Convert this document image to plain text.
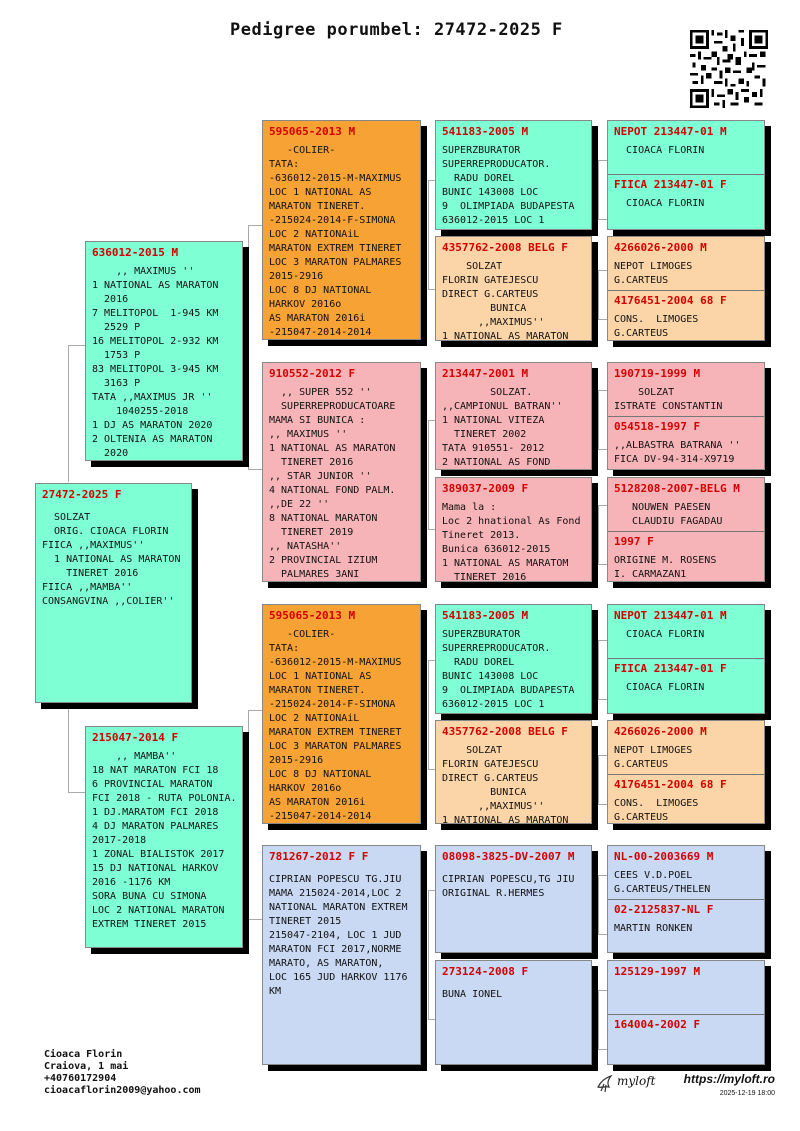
Pedigree porumbel: 27472-2025 F
27472-2025 F
SOLZAT
ORIG. CIOACA FLORIN
FIICA ,,MAXIMUS''
1 NATIONAL AS MARATON
TINERET 2016
FIICA ,,MAMBA''
CONSANGVINA ,,COLIER''
636012-2015 M
,, MAXIMUS ''
1 NATIONAL AS MARATON
2016
7 MELITOPOL  1-945 KM
2529 P
16 MELITOPOL 2-932 KM
1753 P
83 MELITOPOL 3-945 KM
3163 P
TATA ,,MAXIMUS JR ''
1040255-2018
1 DJ AS MARATON 2020
2 OLTENIA AS MARATON
2020
215047-2014 F
,, MAMBA''
18 NAT MARATON FCI 18
6 PROVINCIAL MARATON
FCI 2018 - RUTA POLONIA.
1 DJ.MARATOM FCI 2018
4 DJ MARATON PALMARES
2017-2018
1 ZONAL BIALISTOK 2017
15 DJ NATIONAL HARKOV
2016 -1176 KM
SORA BUNA CU SIMONA
LOC 2 NATIONAL MARATON
EXTREM TINERET 2015
595065-2013 M
-COLIER-
TATA:
-636012-2015-M-MAXIMUS
LOC 1 NATIONAL AS
MARATON TINERET.
-215024-2014-F-SIMONA
LOC 2 NATIONAiL
MARATON EXTREM TINERET
LOC 3 MARATON PALMARES
2015-2916
LOC 8 DJ NATIONAL
HARKOV 2016o
AS MARATON 2016i
-215047-2014-2014
910552-2012 F
,, SUPER 552 ''
SUPERREPRODUCATOARE
MAMA SI BUNICA :
,, MAXIMUS ''
1 NATIONAL AS MARATON
TINERET 2016
,, STAR JUNIOR ''
4 NATIONAL FOND PALM.
,,DE 22 ''
8 NATIONAL MARATON
TINERET 2019
,, NATASHA''
2 PROVINCIAL IZIUM
PALMARES 3ANI
595065-2013 M
-COLIER-
TATA:
-636012-2015-M-MAXIMUS
LOC 1 NATIONAL AS
MARATON TINERET.
-215024-2014-F-SIMONA
LOC 2 NATIONAiL
MARATON EXTREM TINERET
LOC 3 MARATON PALMARES
2015-2916
LOC 8 DJ NATIONAL
HARKOV 2016o
AS MARATON 2016i
-215047-2014-2014
781267-2012 F F
CIPRIAN POPESCU TG.JIU
MAMA 215024-2014,LOC 2
NATIONAL MARATON EXTREM
TINERET 2015
215047-2104, LOC 1 JUD
MARATON FCI 2017,NORME
MARATO, AS MARATON,
LOC 165 JUD HARKOV 1176
KM
541183-2005 M
SUPERZBURATOR
SUPERREPRODUCATOR.
RADU DOREL
BUNIC 143008 LOC
9  OLIMPIADA BUDAPESTA
636012-2015 LOC 1
4357762-2008 BELG F
SOLZAT
FLORIN GATEJESCU
DIRECT G.CARTEUS
BUNICA
,,MAXIMUS''
1 NATIONAL AS MARATON
213447-2001 M
SOLZAT.
,,CAMPIONUL BATRAN''
1 NATIONAL VITEZA
TINERET 2002
TATA 910551- 2012
2 NATIONAL AS FOND
389037-2009 F
Mama la :
Loc 2 hnational As Fond
Tineret 2013.
Bunica 636012-2015
1 NATIONAL AS MARATOM
TINERET 2016
541183-2005 M
SUPERZBURATOR
SUPERREPRODUCATOR.
RADU DOREL
BUNIC 143008 LOC
9  OLIMPIADA BUDAPESTA
636012-2015 LOC 1
4357762-2008 BELG F
SOLZAT
FLORIN GATEJESCU
DIRECT G.CARTEUS
BUNICA
,,MAXIMUS''
1 NATIONAL AS MARATON
08098-3825-DV-2007 M
CIPRIAN POPESCU,TG JIU
ORIGINAL R.HERMES
273124-2008 F
BUNA IONEL
NEPOT 213447-01 M
CIOACA FLORIN
FIICA 213447-01 F
CIOACA FLORIN
4266026-2000 M
NEPOT LIMOGES
G.CARTEUS
4176451-2004 68 F
CONS.  LIMOGES
G.CARTEUS
190719-1999 M
SOLZAT
ISTRATE CONSTANTIN
054518-1997 F
,,ALBASTRA BATRANA ''
FICA DV-94-314-X9719
5128208-2007-BELG M
NOUWEN PAESEN
CLAUDIU FAGADAU
1997 F
ORIGINE M. ROSENS
I. CARMAZAN1
NEPOT 213447-01 M
CIOACA FLORIN
FIICA 213447-01 F
CIOACA FLORIN
4266026-2000 M
NEPOT LIMOGES
G.CARTEUS
4176451-2004 68 F
CONS.  LIMOGES
G.CARTEUS
NL-00-2003669 M
CEES V.D.POEL
G.CARTEUS/THELEN
02-2125837-NL F
MARTIN RONKEN
125129-1997 M
164004-2002 F
Cioaca Florin
Craiova, 1 mai
+40760172904
cioacaflorin2009@yahoo.com
myloft https://myloft.ro
2025-12-19 18:00
